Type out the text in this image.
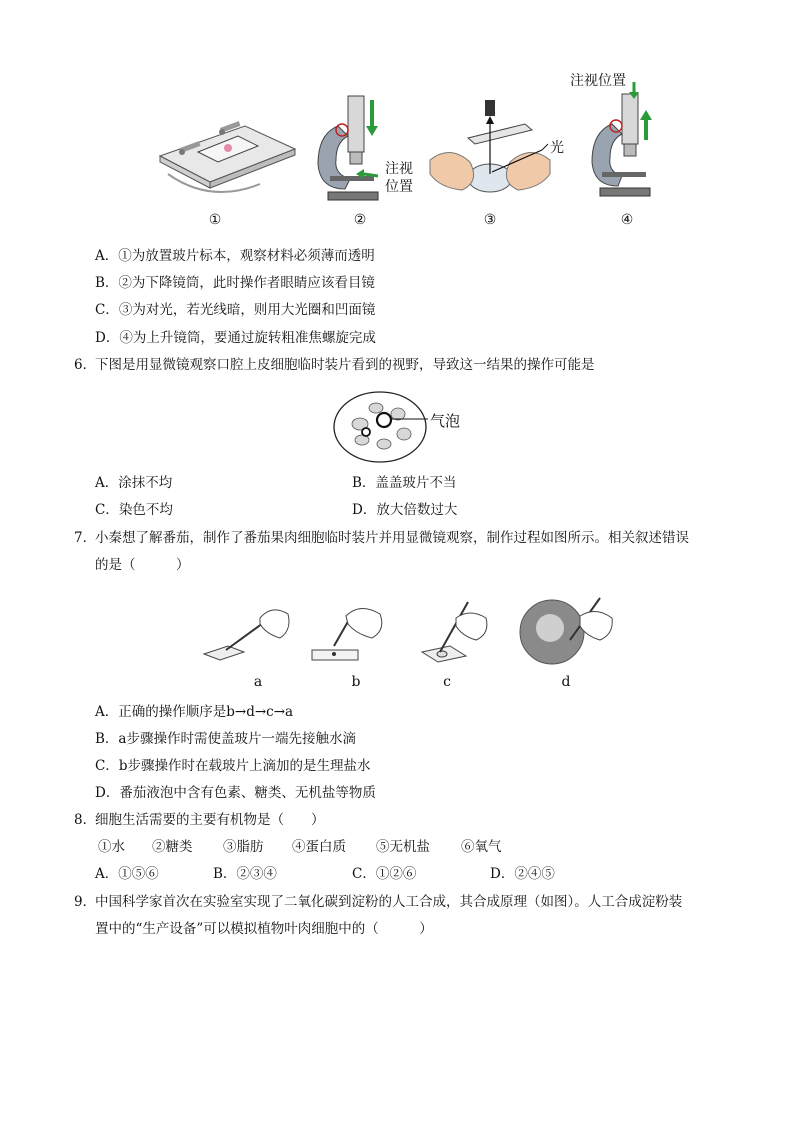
注视
位置
光
注视位置
①	②	③	④
A．①为放置玻片标本，观察材料必须薄而透明
B．②为下降镜筒，此时操作者眼睛应该看目镜
C．③为对光，若光线暗，则用大光圈和凹面镜
D．④为上升镜筒，要通过旋转粗准焦螺旋完成
6．
下图是用显微镜观察口腔上皮细胞临时装片看到的视野，导致这一结果的操作可能是
气泡
A．涂抹不均	B．盖盖玻片不当
C．染色不均	D．放大倍数过大
7．
小秦想了解番茄，制作了番茄果肉细胞临时装片并用显微镜观察，制作过程如图所示。相关叙述错误
的是（　　　）
a	b	c	d
A．正确的操作顺序是b→d→c→a
B．a步骤操作时需使盖玻片一端先接触水滴
C．b步骤操作时在载玻片上滴加的是生理盐水
D．番茄液泡中含有色素、糖类、无机盐等物质
8．
细胞生活需要的主要有机物是（　　）
①水 ②糖类 ③脂肪 ④蛋白质 ⑤无机盐 ⑥氧气
A．①⑤⑥	B．②③④	C．①②⑥	D．②④⑤
9．
中国科学家首次在实验室实现了二氧化碳到淀粉的人工合成，其合成原理（如图）。人工合成淀粉装
置中的“生产设备”可以模拟植物叶肉细胞中的（　　　）
